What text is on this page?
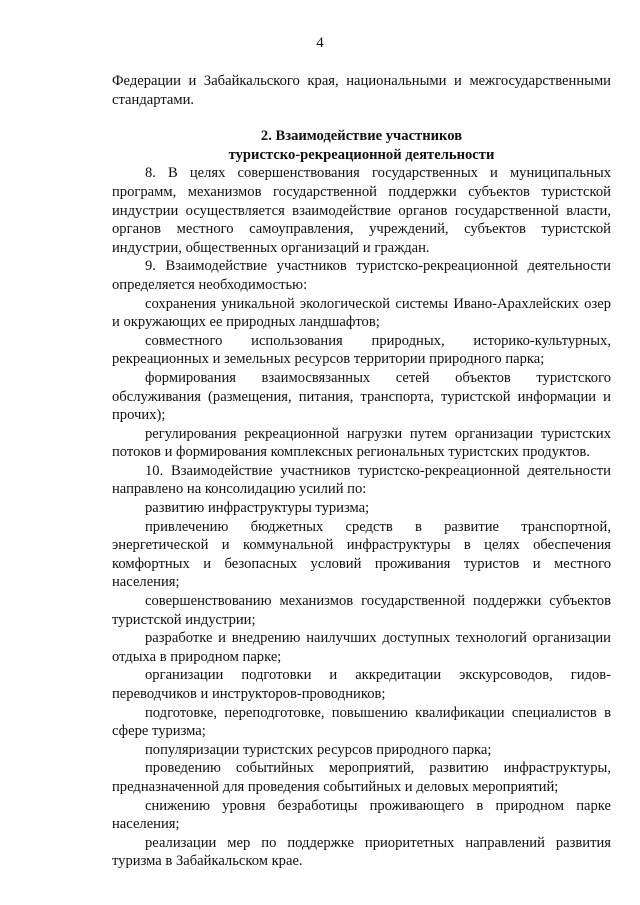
4

Федерации и Забайкальского края, национальными и межгосударственными стандартами.

2. Взаимодействие участников
туристско-рекреационной деятельности

8. В целях совершенствования государственных и муниципальных программ, механизмов государственной поддержки субъектов туристской индустрии осуществляется взаимодействие органов государственной власти, органов местного самоуправления, учреждений, субъектов туристской индустрии, общественных организаций и граждан.

9. Взаимодействие участников туристско-рекреационной деятельности определяется необходимостью:

сохранения уникальной экологической системы Ивано-Арахлейских озер и окружающих ее природных ландшафтов;

совместного использования природных, историко-культурных, рекреационных и земельных ресурсов территории природного парка;

формирования взаимосвязанных сетей объектов туристского обслуживания (размещения, питания, транспорта, туристской информации и прочих);

регулирования рекреационной нагрузки путем организации туристских потоков и формирования комплексных региональных туристских продуктов.

10. Взаимодействие участников туристско-рекреационной деятельности направлено на консолидацию усилий по:

развитию инфраструктуры туризма;

привлечению бюджетных средств в развитие транспортной, энергетической и коммунальной инфраструктуры в целях обеспечения комфортных и безопасных условий проживания туристов и местного населения;

совершенствованию механизмов государственной поддержки субъектов туристской индустрии;

разработке и внедрению наилучших доступных технологий организации отдыха в природном парке;

организации подготовки и аккредитации экскурсоводов, гидов-переводчиков и инструкторов-проводников;

подготовке, переподготовке, повышению квалификации специалистов в сфере туризма;

популяризации туристских ресурсов природного парка;

проведению событийных мероприятий, развитию инфраструктуры, предназначенной для проведения событийных и деловых мероприятий;

снижению уровня безработицы проживающего в природном парке населения;

реализации мер по поддержке приоритетных направлений развития туризма в Забайкальском крае.
